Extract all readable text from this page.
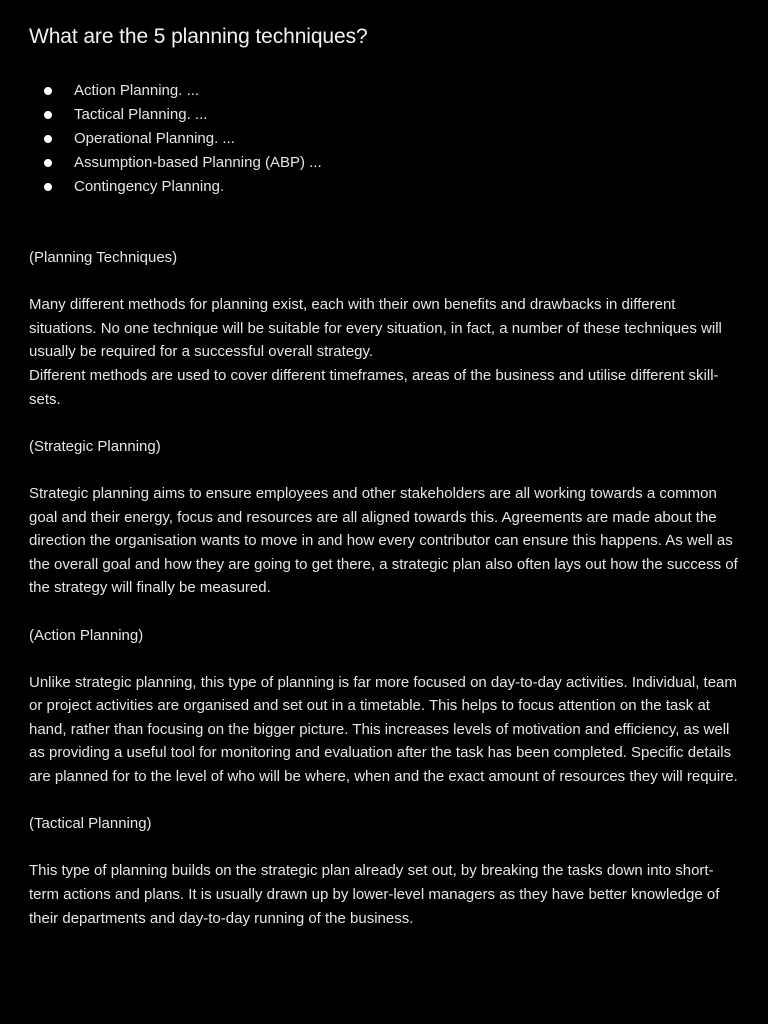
What are the 5 planning techniques?
Action Planning. ...
Tactical Planning. ...
Operational Planning. ...
Assumption-based Planning (ABP) ...
Contingency Planning.

(Planning Techniques)

Many different methods for planning exist, each with their own benefits and drawbacks in different situations. No one technique will be suitable for every situation, in fact, a number of these techniques will usually be required for a successful overall strategy.
Different methods are used to cover different timeframes, areas of the business and utilise different skill-sets.

(Strategic Planning)

Strategic planning aims to ensure employees and other stakeholders are all working towards a common goal and their energy, focus and resources are all aligned towards this. Agreements are made about the direction the organisation wants to move in and how every contributor can ensure this happens. As well as the overall goal and how they are going to get there, a strategic plan also often lays out how the success of the strategy will finally be measured.

(Action Planning)

Unlike strategic planning, this type of planning is far more focused on day-to-day activities. Individual, team or project activities are organised and set out in a timetable. This helps to focus attention on the task at hand, rather than focusing on the bigger picture. This increases levels of motivation and efficiency, as well as providing a useful tool for monitoring and evaluation after the task has been completed. Specific details are planned for to the level of who will be where, when and the exact amount of resources they will require.

(Tactical Planning)

This type of planning builds on the strategic plan already set out, by breaking the tasks down into short-term actions and plans. It is usually drawn up by lower-level managers as they have better knowledge of their departments and day-to-day running of the business.
